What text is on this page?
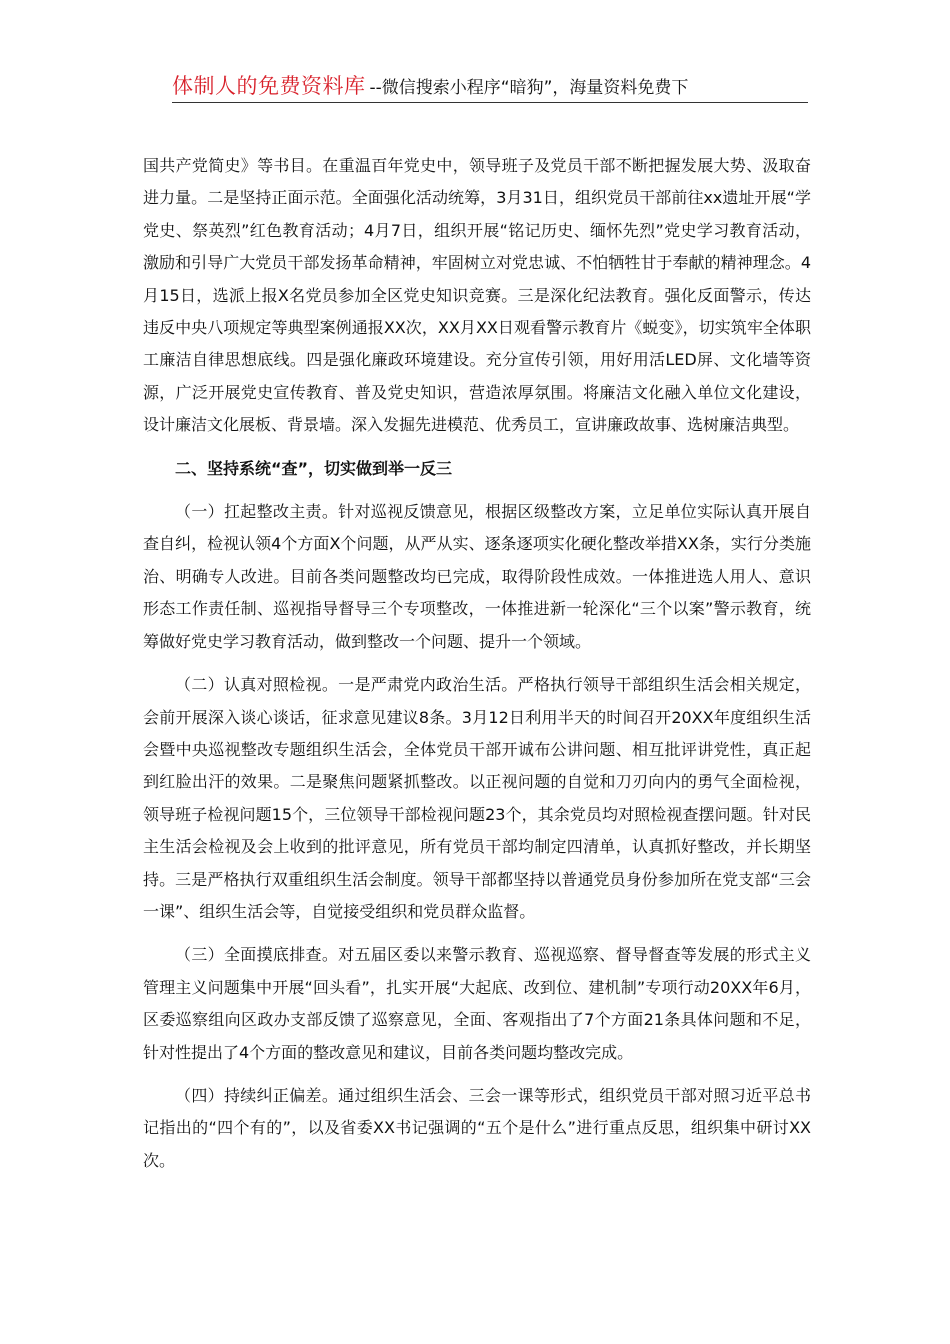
体制人的免费资料库 --微信搜索小程序“暗狗”，海量资料免费下

国共产党简史》等书目。在重温百年党史中，领导班子及党员干部不断把握发展大势、汲取奋进力量。二是坚持正面示范。全面强化活动统筹，3月31日，组织党员干部前往xx遗址开展“学党史、祭英烈”红色教育活动；4月7日，组织开展“铭记历史、缅怀先烈”党史学习教育活动，激励和引导广大党员干部发扬革命精神，牢固树立对党忠诚、不怕牺牲甘于奉献的精神理念。4月15日，选派上报X名党员参加全区党史知识竞赛。三是深化纪法教育。强化反面警示，传达违反中央八项规定等典型案例通报XX次，XX月XX日观看警示教育片《蜕变》，切实筑牢全体职工廉洁自律思想底线。四是强化廉政环境建设。充分宣传引领，用好用活LED屏、文化墙等资源，广泛开展党史宣传教育、普及党史知识，营造浓厚氛围。将廉洁文化融入单位文化建设，设计廉洁文化展板、背景墙。深入发掘先进模范、优秀员工，宣讲廉政故事、选树廉洁典型。

二、坚持系统“查”，切实做到举一反三

（一）扛起整改主责。针对巡视反馈意见，根据区级整改方案，立足单位实际认真开展自查自纠，检视认领4个方面X个问题，从严从实、逐条逐项实化硬化整改举措XX条，实行分类施治、明确专人改进。目前各类问题整改均已完成，取得阶段性成效。一体推进选人用人、意识形态工作责任制、巡视指导督导三个专项整改，一体推进新一轮深化“三个以案”警示教育，统筹做好党史学习教育活动，做到整改一个问题、提升一个领域。

（二）认真对照检视。一是严肃党内政治生活。严格执行领导干部组织生活会相关规定，会前开展深入谈心谈话，征求意见建议8条。3月12日利用半天的时间召开20XX年度组织生活会暨中央巡视整改专题组织生活会，全体党员干部开诚布公讲问题、相互批评讲党性，真正起到红脸出汗的效果。二是聚焦问题紧抓整改。以正视问题的自觉和刀刃向内的勇气全面检视，领导班子检视问题15个，三位领导干部检视问题23个，其余党员均对照检视查摆问题。针对民主生活会检视及会上收到的批评意见，所有党员干部均制定四清单，认真抓好整改，并长期坚持。三是严格执行双重组织生活会制度。领导干部都坚持以普通党员身份参加所在党支部“三会一课”、组织生活会等，自觉接受组织和党员群众监督。

（三）全面摸底排查。对五届区委以来警示教育、巡视巡察、督导督查等发展的形式主义管理主义问题集中开展“回头看”，扎实开展“大起底、改到位、建机制”专项行动20XX年6月，区委巡察组向区政办支部反馈了巡察意见，全面、客观指出了7个方面21条具体问题和不足，针对性提出了4个方面的整改意见和建议，目前各类问题均整改完成。

（四）持续纠正偏差。通过组织生活会、三会一课等形式，组织党员干部对照习近平总书记指出的“四个有的”，以及省委XX书记强调的“五个是什么”进行重点反思，组织集中研讨XX次。
